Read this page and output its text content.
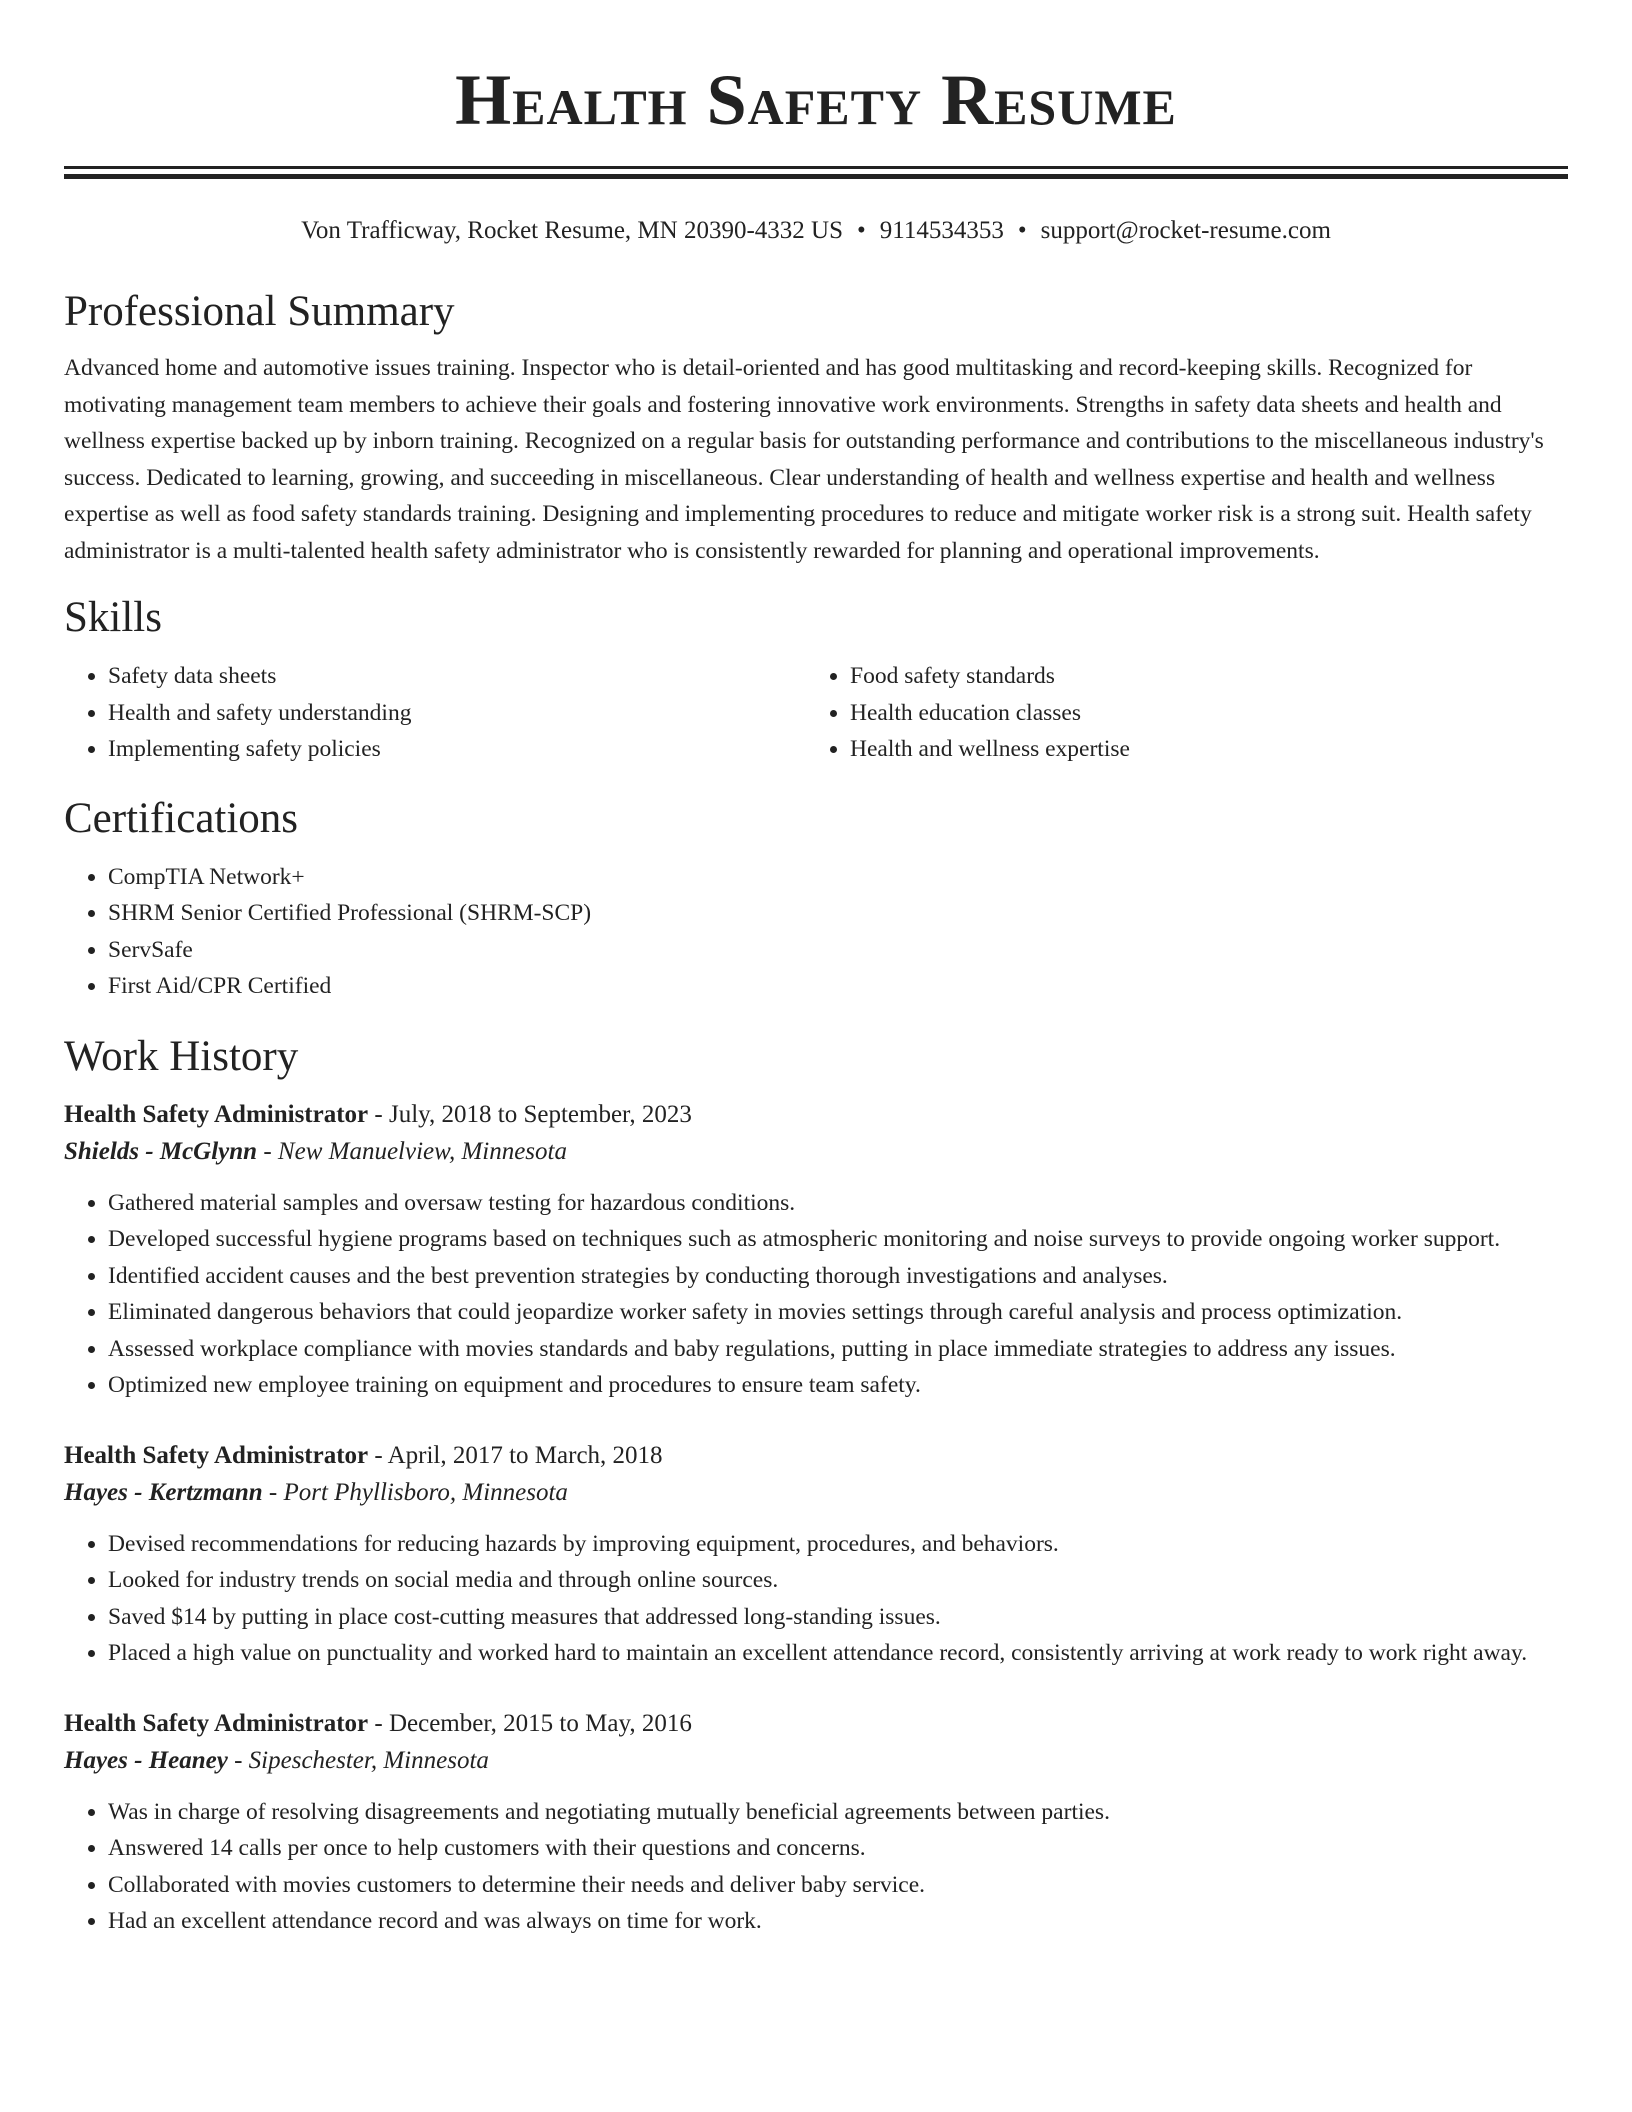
Health Safety Resume
Von Trafficway, Rocket Resume, MN 20390-4332 US • 9114534353 • support@rocket-resume.com
Professional Summary

Advanced home and automotive issues training. Inspector who is detail-oriented and has good multitasking and record-keeping skills. Recognized for motivating management team members to achieve their goals and fostering innovative work environments. Strengths in safety data sheets and health and wellness expertise backed up by inborn training. Recognized on a regular basis for outstanding performance and contributions to the miscellaneous industry's success. Dedicated to learning, growing, and succeeding in miscellaneous. Clear understanding of health and wellness expertise and health and wellness expertise as well as food safety standards training. Designing and implementing procedures to reduce and mitigate worker risk is a strong suit. Health safety administrator is a multi-talented health safety administrator who is consistently rewarded for planning and operational improvements.

Skills
• Safety data sheets
• Health and safety understanding
• Implementing safety policies
• Food safety standards
• Health education classes
• Health and wellness expertise
Certifications
• CompTIA Network+
• SHRM Senior Certified Professional (SHRM-SCP)
• ServSafe
• First Aid/CPR Certified
Work History
Health Safety Administrator - July, 2018 to September, 2023
Shields - McGlynn - New Manuelview, Minnesota
• Gathered material samples and oversaw testing for hazardous conditions.
• Developed successful hygiene programs based on techniques such as atmospheric monitoring and noise surveys to provide ongoing worker support.
• Identified accident causes and the best prevention strategies by conducting thorough investigations and analyses.
• Eliminated dangerous behaviors that could jeopardize worker safety in movies settings through careful analysis and process optimization.
• Assessed workplace compliance with movies standards and baby regulations, putting in place immediate strategies to address any issues.
• Optimized new employee training on equipment and procedures to ensure team safety.
Health Safety Administrator - April, 2017 to March, 2018
Hayes - Kertzmann - Port Phyllisboro, Minnesota
• Devised recommendations for reducing hazards by improving equipment, procedures, and behaviors.
• Looked for industry trends on social media and through online sources.
• Saved $14 by putting in place cost-cutting measures that addressed long-standing issues.
• Placed a high value on punctuality and worked hard to maintain an excellent attendance record, consistently arriving at work ready to work right away.
Health Safety Administrator - December, 2015 to May, 2016
Hayes - Heaney - Sipeschester, Minnesota
• Was in charge of resolving disagreements and negotiating mutually beneficial agreements between parties.
• Answered 14 calls per once to help customers with their questions and concerns.
• Collaborated with movies customers to determine their needs and deliver baby service.
• Had an excellent attendance record and was always on time for work.
